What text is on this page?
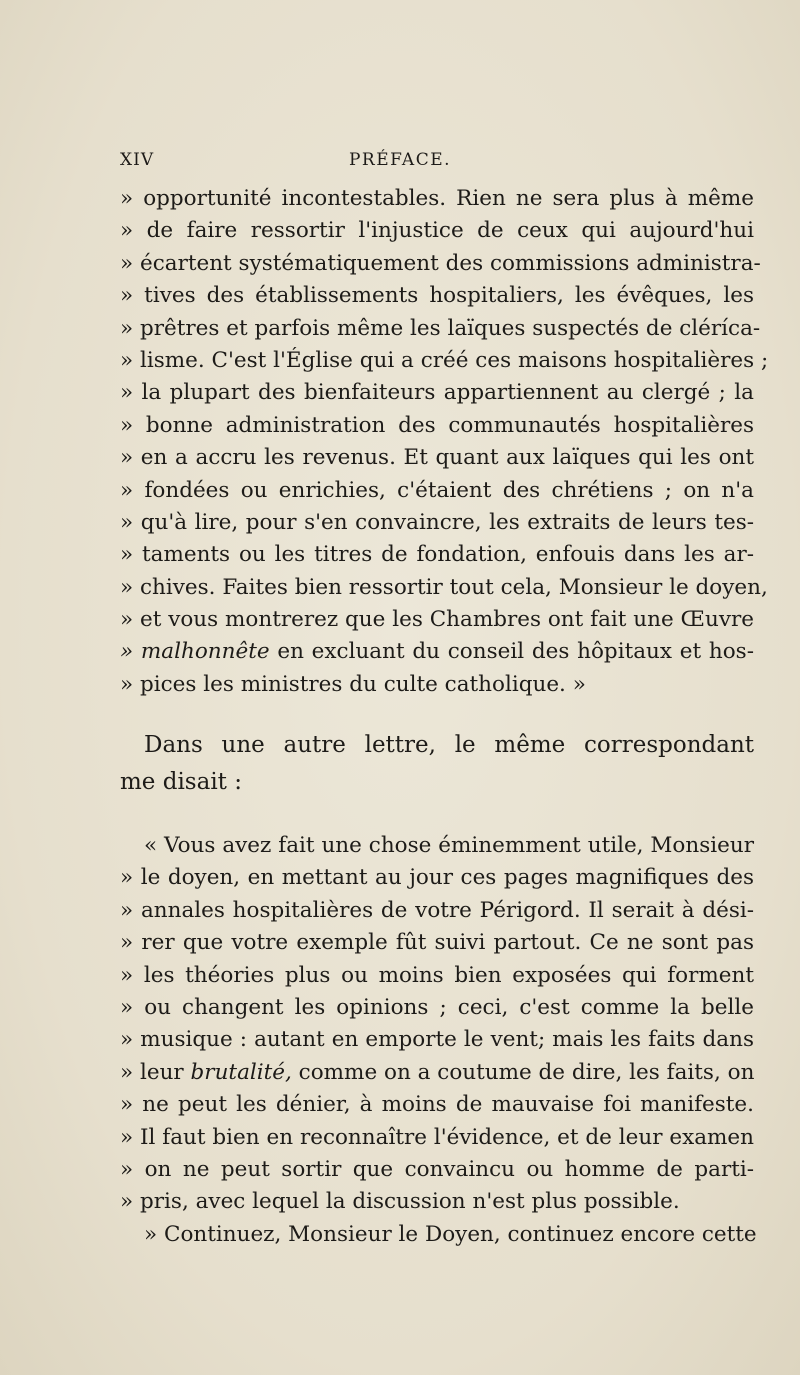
XIV	PRÉFACE.
» opportunité incontestables. Rien ne sera plus à même
» de faire ressortir l'injustice de ceux qui aujourd'hui
» écartent systématiquement des commissions administra-
» tives des établissements hospitaliers, les évêques, les
» prêtres et parfois même les laïques suspectés de cléríca-
» lisme. C'est l'Église qui a créé ces maisons hospitalières ;
» la plupart des bienfaiteurs appartiennent au clergé ; la
» bonne administration des communautés hospitalières
» en a accru les revenus. Et quant aux laïques qui les ont
» fondées ou enrichies, c'étaient des chrétiens ; on n'a
» qu'à lire, pour s'en convaincre, les extraits de leurs tes-
» taments ou les titres de fondation, enfouis dans les ar-
» chives. Faites bien ressortir tout cela, Monsieur le doyen,
» et vous montrerez que les Chambres ont fait une Œuvre
» malhonnête en excluant du conseil des hôpitaux et hos-
» pices les ministres du culte catholique. »
Dans une autre lettre, le même correspondant
me disait :
« Vous avez fait une chose éminemment utile, Monsieur
» le doyen, en mettant au jour ces pages magnifiques des
» annales hospitalières de votre Périgord. Il serait à dési-
» rer que votre exemple fût suivi partout. Ce ne sont pas
» les théories plus ou moins bien exposées qui forment
» ou changent les opinions ; ceci, c'est comme la belle
» musique : autant en emporte le vent; mais les faits dans
» leur brutalité, comme on a coutume de dire, les faits, on
» ne peut les dénier, à moins de mauvaise foi manifeste.
» Il faut bien en reconnaître l'évidence, et de leur examen
» on ne peut sortir que convaincu ou homme de parti-
» pris, avec lequel la discussion n'est plus possible.
» Continuez, Monsieur le Doyen, continuez encore cette
